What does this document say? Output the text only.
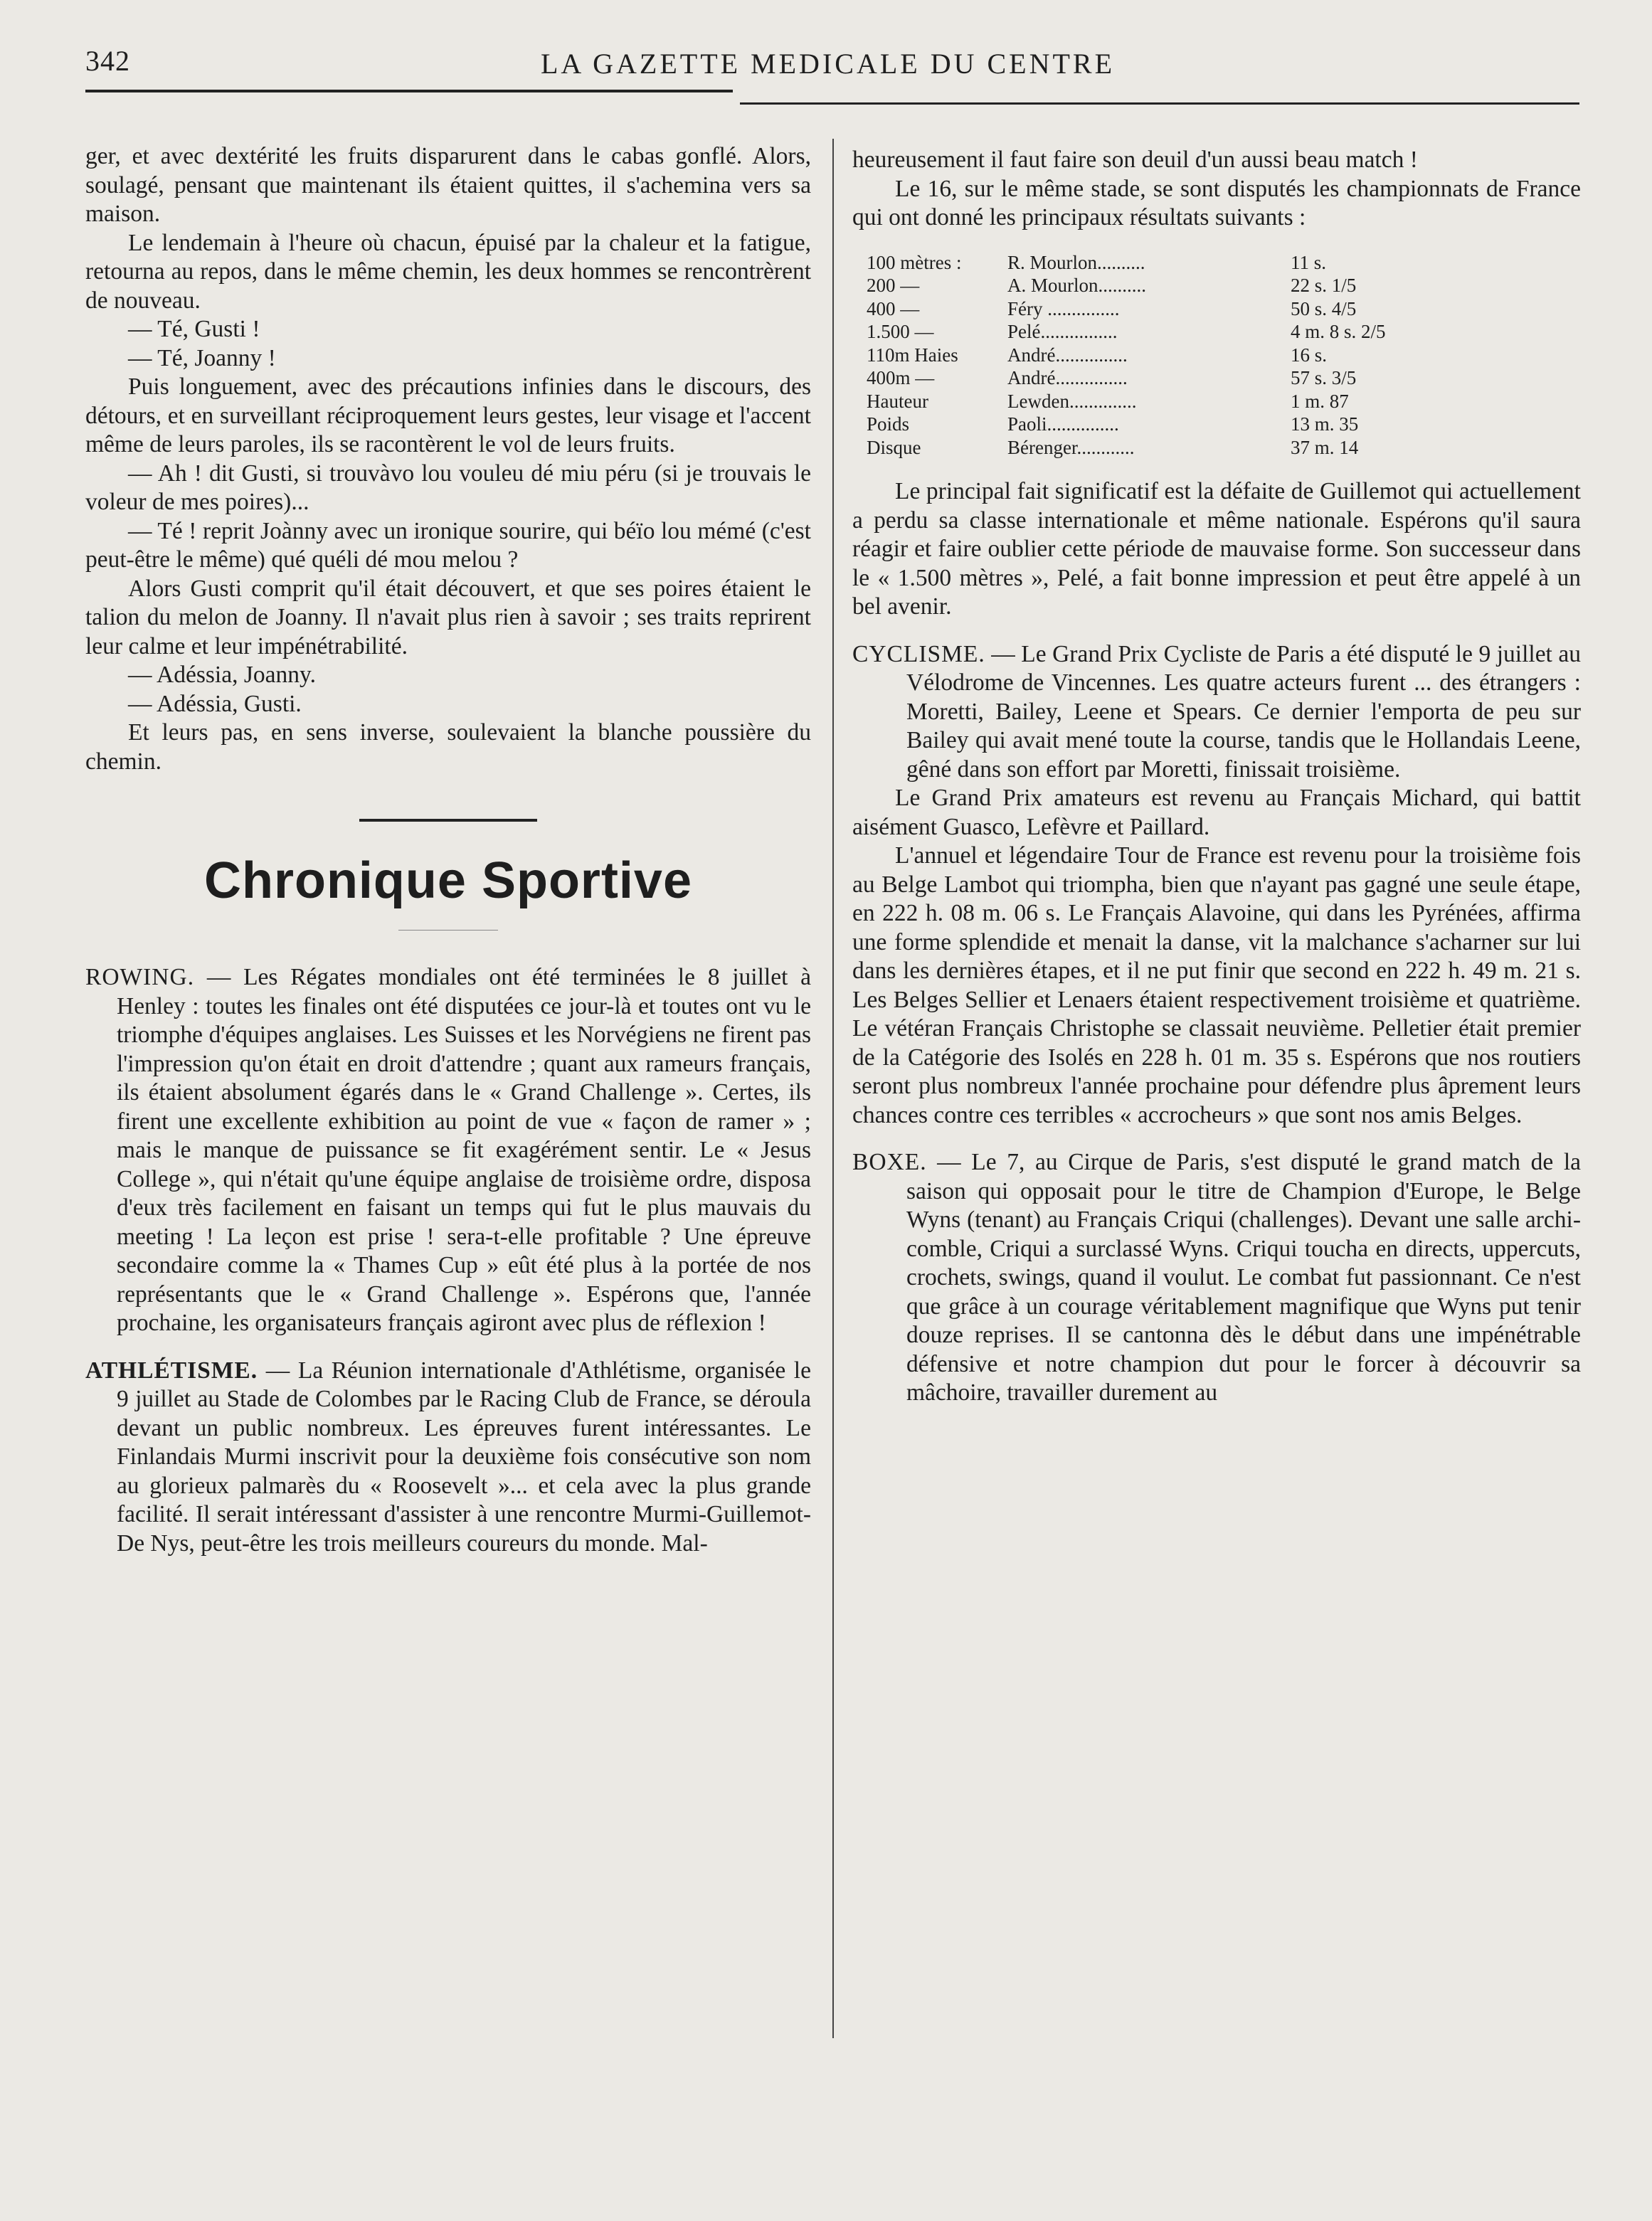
342	LA GAZETTE MEDICALE DU CENTRE

ger, et avec dextérité les fruits disparurent dans le cabas gonflé. Alors, soulagé, pensant que maintenant ils étaient quittes, il s'achemina vers sa maison.

Le lendemain à l'heure où chacun, épuisé par la chaleur et la fatigue, retourna au repos, dans le même chemin, les deux hommes se rencontrèrent de nouveau.

— Té, Gusti !

— Té, Joanny !

Puis longuement, avec des précautions infinies dans le discours, des détours, et en surveillant réciproquement leurs gestes, leur visage et l'accent même de leurs paroles, ils se racontèrent le vol de leurs fruits.

— Ah ! dit Gusti, si trouvàvo lou vouleu dé miu péru (si je trouvais le voleur de mes poires)...

— Té ! reprit Joànny avec un ironique sourire, qui béïo lou mémé (c'est peut-être le même) qué quéli dé mou melou ?

Alors Gusti comprit qu'il était découvert, et que ses poires étaient le talion du melon de Joanny. Il n'avait plus rien à savoir ; ses traits reprirent leur calme et leur impénétrabilité.

— Adéssia, Joanny.

— Adéssia, Gusti.

Et leurs pas, en sens inverse, soulevaient la blanche poussière du chemin.

Chronique Sportive

ROWING. — Les Régates mondiales ont été terminées le 8 juillet à Henley : toutes les finales ont été disputées ce jour-là et toutes ont vu le triomphe d'équipes anglaises. Les Suisses et les Norvégiens ne firent pas l'impression qu'on était en droit d'attendre ; quant aux rameurs français, ils étaient absolument égarés dans le « Grand Challenge ». Certes, ils firent une excellente exhibition au point de vue « façon de ramer » ; mais le manque de puissance se fit exagérément sentir. Le « Jesus College », qui n'était qu'une équipe anglaise de troisième ordre, disposa d'eux très facilement en faisant un temps qui fut le plus mauvais du meeting ! La leçon est prise ! sera-t-elle profitable ? Une épreuve secondaire comme la « Thames Cup » eût été plus à la portée de nos représentants que le « Grand Challenge ». Espérons que, l'année prochaine, les organisateurs français agiront avec plus de réflexion !

ATHLÉTISME. — La Réunion internationale d'Athlétisme, organisée le 9 juillet au Stade de Colombes par le Racing Club de France, se déroula devant un public nombreux. Les épreuves furent intéressantes. Le Finlandais Murmi inscrivit pour la deuxième fois consécutive son nom au glorieux palmarès du « Roosevelt »... et cela avec la plus grande facilité. Il serait intéressant d'assister à une rencontre Murmi-Guillemot-De Nys, peut-être les trois meilleurs coureurs du monde. Mal-

heureusement il faut faire son deuil d'un aussi beau match !

Le 16, sur le même stade, se sont disputés les championnats de France qui ont donné les principaux résultats suivants :

100 mètres :	R. Mourlon..........	11 s.
200 —	A. Mourlon..........	22 s. 1/5
400 —	Féry ...............	50 s. 4/5
1.500 —	Pelé................	4 m. 8 s. 2/5
110m Haies	André...............	16 s.
400m —	André...............	57 s. 3/5
Hauteur	Lewden..............	1 m. 87
Poids	Paoli...............	13 m. 35
Disque	Bérenger............	37 m. 14

Le principal fait significatif est la défaite de Guillemot qui actuellement a perdu sa classe internationale et même nationale. Espérons qu'il saura réagir et faire oublier cette période de mauvaise forme. Son successeur dans le « 1.500 mètres », Pelé, a fait bonne impression et peut être appelé à un bel avenir.

CYCLISME. — Le Grand Prix Cycliste de Paris a été disputé le 9 juillet au Vélodrome de Vincennes. Les quatre acteurs furent ... des étrangers : Moretti, Bailey, Leene et Spears. Ce dernier l'emporta de peu sur Bailey qui avait mené toute la course, tandis que le Hollandais Leene, gêné dans son effort par Moretti, finissait troisième.

Le Grand Prix amateurs est revenu au Français Michard, qui battit aisément Guasco, Lefèvre et Paillard.

L'annuel et légendaire Tour de France est revenu pour la troisième fois au Belge Lambot qui triompha, bien que n'ayant pas gagné une seule étape, en 222 h. 08 m. 06 s. Le Français Alavoine, qui dans les Pyrénées, affirma une forme splendide et menait la danse, vit la malchance s'acharner sur lui dans les dernières étapes, et il ne put finir que second en 222 h. 49 m. 21 s. Les Belges Sellier et Lenaers étaient respectivement troisième et quatrième. Le vétéran Français Christophe se classait neuvième. Pelletier était premier de la Catégorie des Isolés en 228 h. 01 m. 35 s. Espérons que nos routiers seront plus nombreux l'année prochaine pour défendre plus âprement leurs chances contre ces terribles « accrocheurs » que sont nos amis Belges.

BOXE. — Le 7, au Cirque de Paris, s'est disputé le grand match de la saison qui opposait pour le titre de Champion d'Europe, le Belge Wyns (tenant) au Français Criqui (challenges). Devant une salle archi-comble, Criqui a surclassé Wyns. Criqui toucha en directs, uppercuts, crochets, swings, quand il voulut. Le combat fut passionnant. Ce n'est que grâce à un courage véritablement magnifique que Wyns put tenir douze reprises. Il se cantonna dès le début dans une impénétrable défensive et notre champion dut pour le forcer à découvrir sa mâchoire, travailler durement au
